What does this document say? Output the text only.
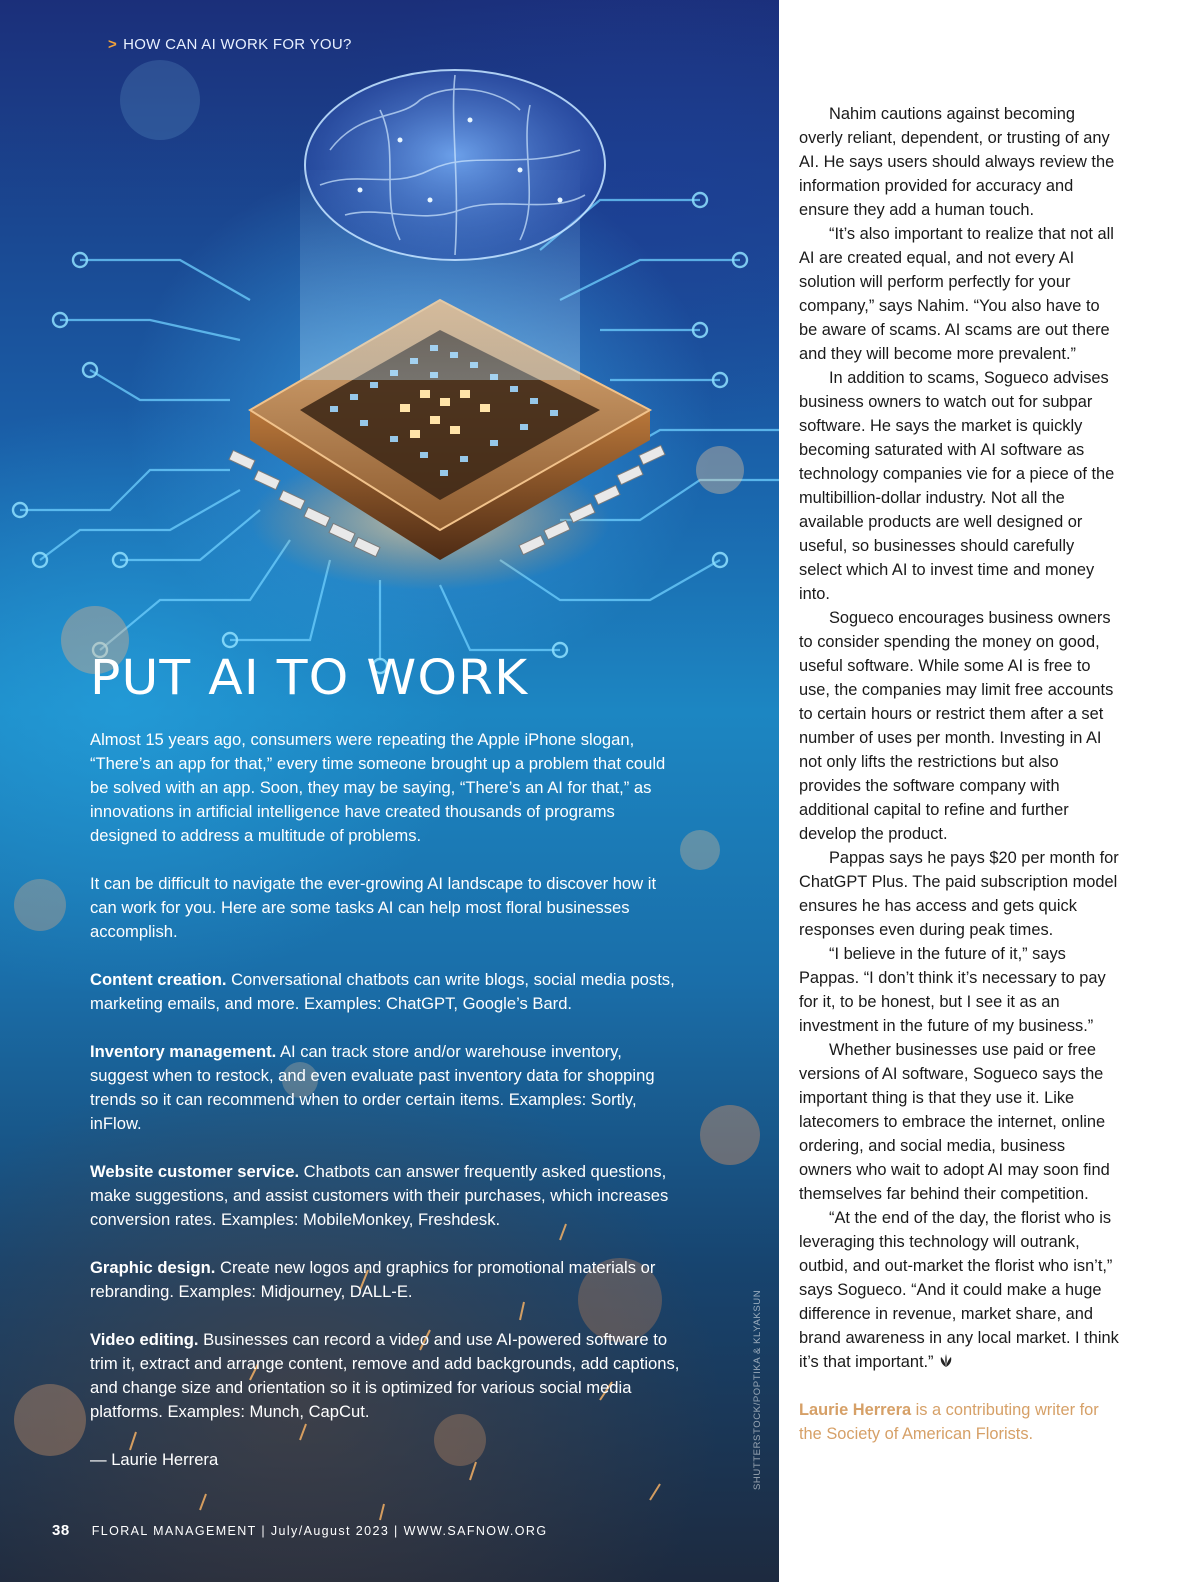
> HOW CAN AI WORK FOR YOU?
PUT AI TO WORK

Almost 15 years ago, consumers were repeating the Apple iPhone slogan, “There’s an app for that,” every time someone brought up a problem that could be solved with an app. Soon, they may be saying, “There’s an AI for that,” as innovations in artificial intelligence have created thousands of programs designed to address a multitude of problems.

It can be difficult to navigate the ever-growing AI landscape to discover how it can work for you. Here are some tasks AI can help most floral businesses accomplish.

Content creation. Conversational chatbots can write blogs, social media posts, marketing emails, and more. Examples: ChatGPT, Google’s Bard.

Inventory management. AI can track store and/or warehouse inventory, suggest when to restock, and even evaluate past inventory data for shopping trends so it can recommend when to order certain items. Examples: Sortly, inFlow.

Website customer service. Chatbots can answer frequently asked questions, make suggestions, and assist customers with their purchases, which increases conversion rates. Examples: MobileMonkey, Freshdesk.

Graphic design. Create new logos and graphics for promotional materials or rebranding. Examples: Midjourney, DALL-E.

Video editing. Businesses can record a video and use AI-powered software to trim it, extract and arrange content, remove and add backgrounds, add captions, and change size and orientation so it is optimized for various social media platforms. Examples: Munch, CapCut.

— Laurie Herrera	SHUTTERSTOCK/POPTIKA & KLYAKSUN
38 FLORAL MANAGEMENT | July/August 2023 | WWW.SAFNOW.ORG

Nahim cautions against becoming overly reliant, dependent, or trusting of any AI. He says users should always review the information provided for accuracy and ensure they add a human touch.

“It’s also important to realize that not all AI are created equal, and not every AI solution will perform perfectly for your company,” says Nahim. “You also have to be aware of scams. AI scams are out there and they will become more prevalent.”

In addition to scams, Sogueco advises business owners to watch out for subpar software. He says the market is quickly becoming saturated with AI software as technology companies vie for a piece of the multibillion-dollar industry. Not all the available products are well designed or useful, so businesses should carefully select which AI to invest time and money into.

Sogueco encourages business owners to consider spending the money on good, useful software. While some AI is free to use, the companies may limit free accounts to certain hours or restrict them after a set number of uses per month. Investing in AI not only lifts the restrictions but also provides the software company with additional capital to refine and further develop the product.

Pappas says he pays $20 per month for ChatGPT Plus. The paid subscription model ensures he has access and gets quick responses even during peak times.

“I believe in the future of it,” says Pappas. “I don’t think it’s necessary to pay for it, to be honest, but I see it as an investment in the future of my business.”

Whether businesses use paid or free versions of AI software, Sogueco says the important thing is that they use it. Like latecomers to embrace the internet, online ordering, and social media, business owners who wait to adopt AI may soon find themselves far behind their competition.

“At the end of the day, the florist who is leveraging this technology will outrank, outbid, and out-market the florist who isn’t,” says Sogueco. “And it could make a huge difference in revenue, market share, and brand awareness in any local market. I think it’s that important.”

Laurie Herrera is a contributing writer for the Society of American Florists.
